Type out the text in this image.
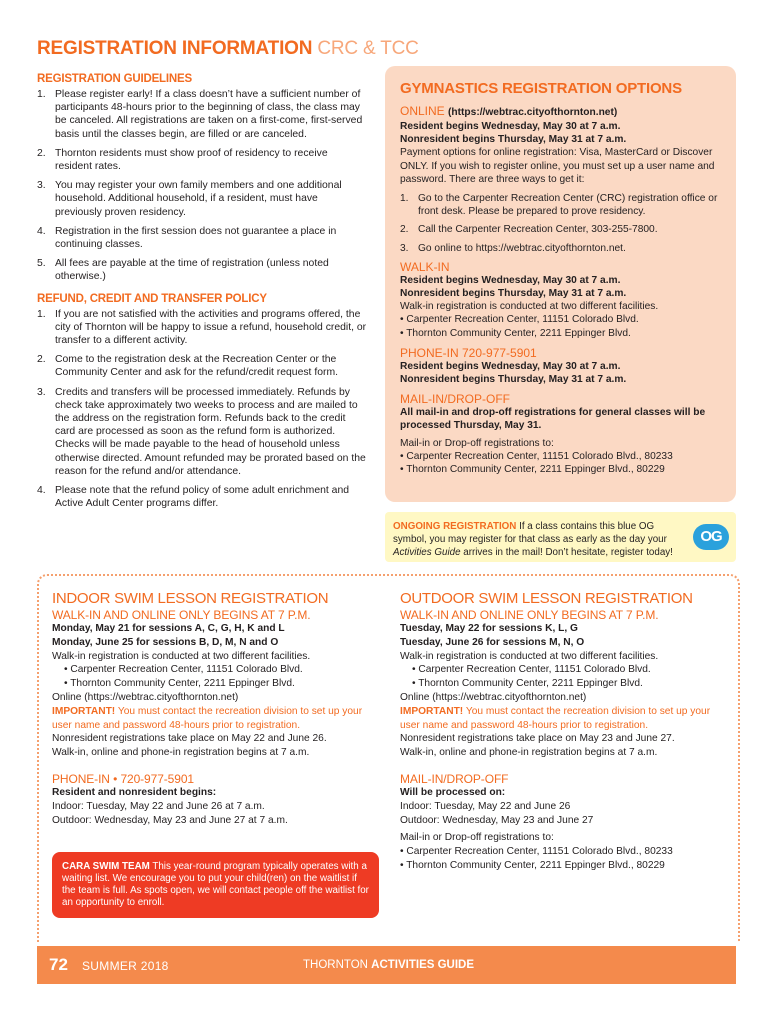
REGISTRATION INFORMATION CRC & TCC
REGISTRATION GUIDELINES
1. Please register early! If a class doesn’t have a sufficient number of participants 48-hours prior to the beginning of class, the class may be canceled. All registrations are taken on a first-come, first-served basis until the classes begin, are filled or are canceled.
2. Thornton residents must show proof of residency to receive resident rates.
3. You may register your own family members and one additional household. Additional household, if a resident, must have previously proven residency.
4. Registration in the first session does not guarantee a place in continuing classes.
5. All fees are payable at the time of registration (unless noted otherwise.)
REFUND, CREDIT AND TRANSFER POLICY
1. If you are not satisfied with the activities and programs offered, the city of Thornton will be happy to issue a refund, household credit, or transfer to a different activity.
2. Come to the registration desk at the Recreation Center or the Community Center and ask for the refund/credit request form.
3. Credits and transfers will be processed immediately. Refunds by check take approximately two weeks to process and are mailed to the address on the registration form. Refunds back to the credit card are processed as soon as the refund form is authorized. Checks will be made payable to the head of household unless otherwise directed. Amount refunded may be prorated based on the reason for the refund and/or attendance.
4. Please note that the refund policy of some adult enrichment and Active Adult Center programs differ.
GYMNASTICS REGISTRATION OPTIONS
ONLINE (https://webtrac.cityofthornton.net)
Resident begins Wednesday, May 30 at 7 a.m.
Nonresident begins Thursday, May 31 at 7 a.m.
Payment options for online registration: Visa, MasterCard or Discover ONLY. If you wish to register online, you must set up a user name and password. There are three ways to get it:
1. Go to the Carpenter Recreation Center (CRC) registration office or front desk. Please be prepared to prove residency.
2. Call the Carpenter Recreation Center, 303-255-7800.
3. Go online to https://webtrac.cityofthornton.net.
WALK-IN
Resident begins Wednesday, May 30 at 7 a.m.
Nonresident begins Thursday, May 31 at 7 a.m.
Walk-in registration is conducted at two different facilities.
• Carpenter Recreation Center, 11151 Colorado Blvd.
• Thornton Community Center, 2211 Eppinger Blvd.
PHONE-IN 720-977-5901
Resident begins Wednesday, May 30 at 7 a.m.
Nonresident begins Thursday, May 31 at 7 a.m.
MAIL-IN/DROP-OFF
All mail-in and drop-off registrations for general classes will be processed Thursday, May 31.
Mail-in or Drop-off registrations to:
• Carpenter Recreation Center, 11151 Colorado Blvd., 80233
• Thornton Community Center, 2211 Eppinger Blvd., 80229
ONGOING REGISTRATION If a class contains this blue OG symbol, you may register for that class as early as the day your Activities Guide arrives in the mail! Don’t hesitate, register today!
OG
INDOOR SWIM LESSON REGISTRATION
WALK-IN AND ONLINE ONLY BEGINS AT 7 P.M.
Monday, May 21 for sessions A, C, G, H, K and L
Monday, June 25 for sessions B, D, M, N and O
Walk-in registration is conducted at two different facilities.
• Carpenter Recreation Center, 11151 Colorado Blvd.
• Thornton Community Center, 2211 Eppinger Blvd.
Online (https://webtrac.cityofthornton.net)
IMPORTANT! You must contact the recreation division to set up your user name and password 48-hours prior to registration.
Nonresident registrations take place on May 22 and June 26.
Walk-in, online and phone-in registration begins at 7 a.m.
PHONE-IN • 720-977-5901
Resident and nonresident begins:
Indoor: Tuesday, May 22 and June 26 at 7 a.m.
Outdoor: Wednesday, May 23 and June 27 at 7 a.m.
CARA SWIM TEAM This year-round program typically operates with a waiting list. We encourage you to put your child(ren) on the waitlist if the team is full. As spots open, we will contact people off the waitlist for an opportunity to enroll.
OUTDOOR SWIM LESSON REGISTRATION
WALK-IN AND ONLINE ONLY BEGINS AT 7 P.M.
Tuesday, May 22 for sessions K, L, G
Tuesday, June 26 for sessions M, N, O
Walk-in registration is conducted at two different facilities.
• Carpenter Recreation Center, 11151 Colorado Blvd.
• Thornton Community Center, 2211 Eppinger Blvd.
Online (https://webtrac.cityofthornton.net)
IMPORTANT! You must contact the recreation division to set up your user name and password 48-hours prior to registration.
Nonresident registrations take place on May 23 and June 27.
Walk-in, online and phone-in registration begins at 7 a.m.
MAIL-IN/DROP-OFF
Will be processed on:
Indoor: Tuesday, May 22 and June 26
Outdoor: Wednesday, May 23 and June 27
Mail-in or Drop-off registrations to:
• Carpenter Recreation Center, 11151 Colorado Blvd., 80233
• Thornton Community Center, 2211 Eppinger Blvd., 80229
72 SUMMER 2018	THORNTON ACTIVITIES GUIDE
